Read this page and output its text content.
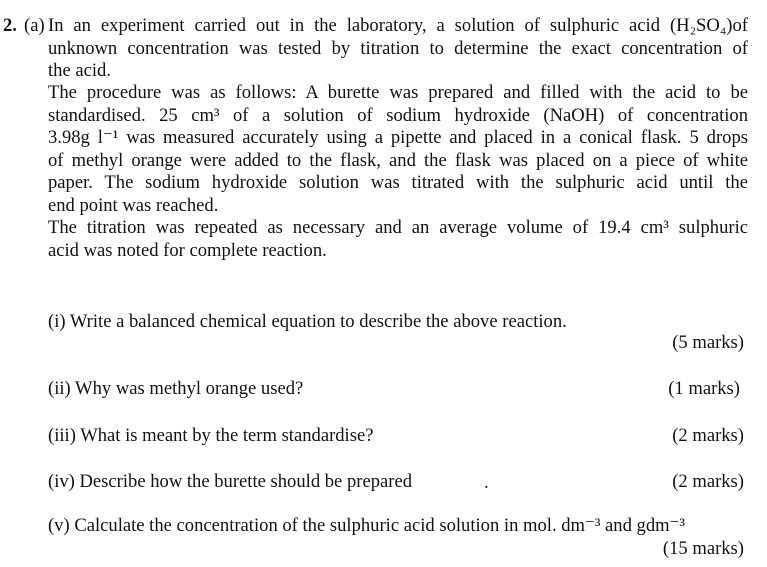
2. (a) In an experiment carried out in the laboratory, a solution of sulphuric acid (H₂SO₄)of
unknown concentration was tested by titration to determine the exact concentration of
the acid.
The procedure was as follows: A burette was prepared and filled with the acid to be
standardised. 25 cm³ of a solution of sodium hydroxide (NaOH) of concentration
3.98g l⁻¹ was measured accurately using a pipette and placed in a conical flask. 5 drops
of methyl orange were added to the flask, and the flask was placed on a piece of white
paper. The sodium hydroxide solution was titrated with the sulphuric acid until the
end point was reached.
The titration was repeated as necessary and an average volume of 19.4 cm³ sulphuric
acid was noted for complete reaction.
(i) Write a balanced chemical equation to describe the above reaction.
(5 marks)
(ii) Why was methyl orange used?	(1 marks)
(iii) What is meant by the term standardise?	(2 marks)
(iv) Describe how the burette should be prepared	.	(2 marks)
(v) Calculate the concentration of the sulphuric acid solution in mol. dm⁻³ and gdm⁻³
(15 marks)
